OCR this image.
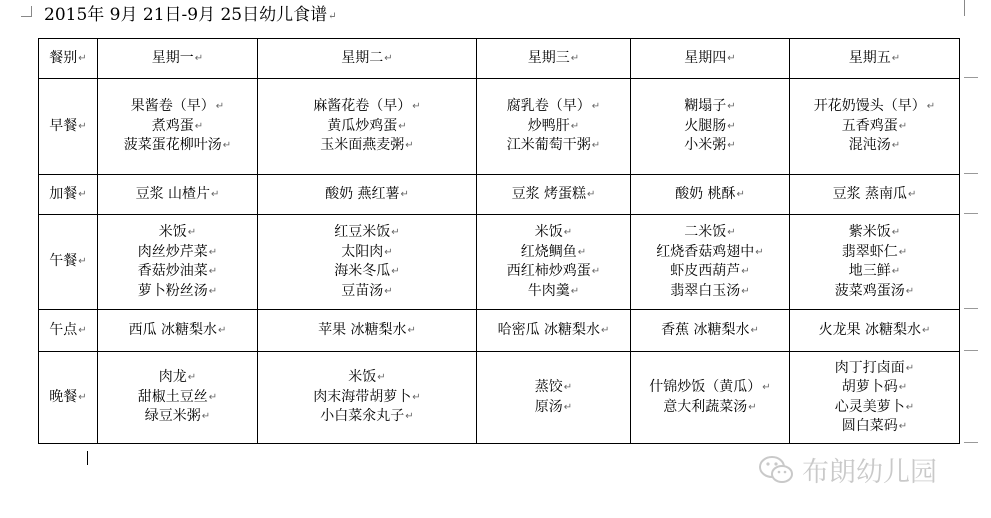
2015年 9月 21日-9月 25日幼儿食谱↵
餐别↵	星期一↵	星期二↵	星期三↵	星期四↵	星期五↵

早餐↵	果酱卷（早）↵
煮鸡蛋↵
菠菜蛋花柳叶汤↵	麻酱花卷（早）↵
黄瓜炒鸡蛋↵
玉米面燕麦粥↵	腐乳卷（早）↵
炒鸭肝↵
江米葡萄干粥↵	糊塌子↵
火腿肠↵
小米粥↵	开花奶馒头（早）↵
五香鸡蛋↵
混沌汤↵

加餐↵	豆浆 山楂片↵	酸奶 燕红薯↵	豆浆 烤蛋糕↵	酸奶 桃酥↵	豆浆 蒸南瓜↵

午餐↵	米饭↵
肉丝炒芹菜↵
香菇炒油菜↵
萝卜粉丝汤↵	红豆米饭↵
太阳肉↵
海米冬瓜↵
豆苗汤↵	米饭↵
红烧鲷鱼↵
西红柿炒鸡蛋↵
牛肉羹↵	二米饭↵
红烧香菇鸡翅中↵
虾皮西葫芦↵
翡翠白玉汤↵	紫米饭↵
翡翠虾仁↵
地三鲜↵
菠菜鸡蛋汤↵

午点↵	西瓜 冰糖梨水↵	苹果 冰糖梨水↵	哈密瓜 冰糖梨水↵	香蕉 冰糖梨水↵	火龙果 冰糖梨水↵

晚餐↵	肉龙↵
甜椒土豆丝↵
绿豆米粥↵	米饭↵
肉末海带胡萝卜↵
小白菜氽丸子↵	蒸饺↵
原汤↵	什锦炒饭（黄瓜）↵
意大利蔬菜汤↵	肉丁打卤面↵
胡萝卜码↵
心灵美萝卜↵
圆白菜码↵
布朗幼儿园
